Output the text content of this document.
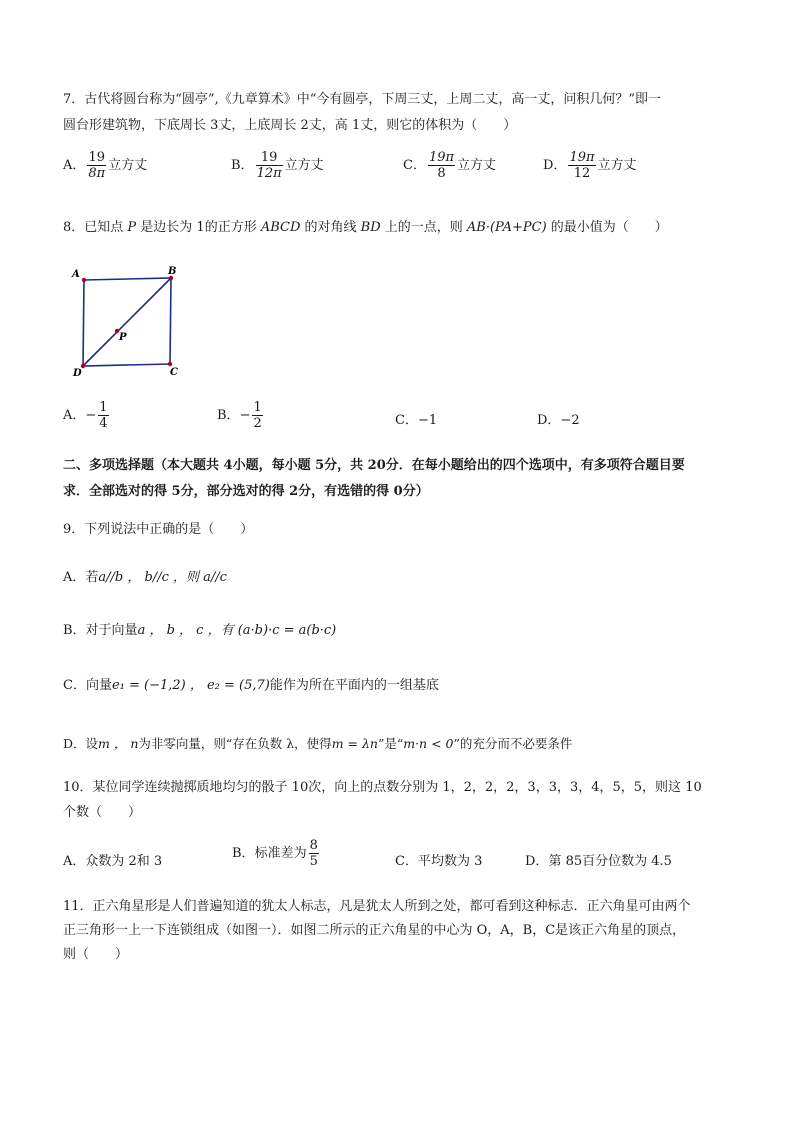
7．古代将圆台称为“圆亭”,《九章算术》中“今有圆亭，下周三丈，上周二丈，高一丈，问积几何？”即一
圆台形建筑物，下底周长 3丈，上底周长 2丈，高 1丈，则它的体积为（　　）
A． $\frac{19}{8\pi}$ 立方丈	B． $\frac{19}{12\pi}$ 立方丈	C． $\frac{19\pi}{8}$ 立方丈	D． $\frac{19\pi}{12}$ 立方丈
8．已知点 P 是边长为 1的正方形 ABCD 的对角线 BD 上的一点，则 AB·(PA+PC) 的最小值为（　　）
A	B
C
D
P
A．− $\frac{1}{4}$	B．− $\frac{1}{2}$	C．−1	D．−2
二、多项选择题（本大题共 4小题，每小题 5分，共 20分．在每小题给出的四个选项中，有多项符合题目要
求．全部选对的得 5分，部分选对的得 2分，有选错的得 0分）
9．下列说法中正确的是（　　）
A．若a//b ， b//c ，则 a//c
B．对于向量a ， b ， c ，有 (a·b)·c = a(b·c)
C．向量e₁ = (−1,2) ， e₂ = (5,7)能作为所在平面内的一组基底
D．设m ， n为非零向量，则“存在负数 λ，使得m = λn”是“m·n < 0”的充分而不必要条件
10．某位同学连续抛掷质地均匀的骰子 10次，向上的点数分别为 1，2，2，2，3，3，3，4，5，5，则这 10
个数（　　）
A．众数为 2和 3
B．标准差为 $\frac{8}{5}$	C．平均数为 3	D．第 85百分位数为 4.5
11．正六角星形是人们普遍知道的犹太人标志，凡是犹太人所到之处，都可看到这种标志．正六角星可由两个
正三角形一上一下连锁组成（如图一）．如图二所示的正六角星的中心为 O，A，B，C是该正六角星的顶点，
则（　　）
